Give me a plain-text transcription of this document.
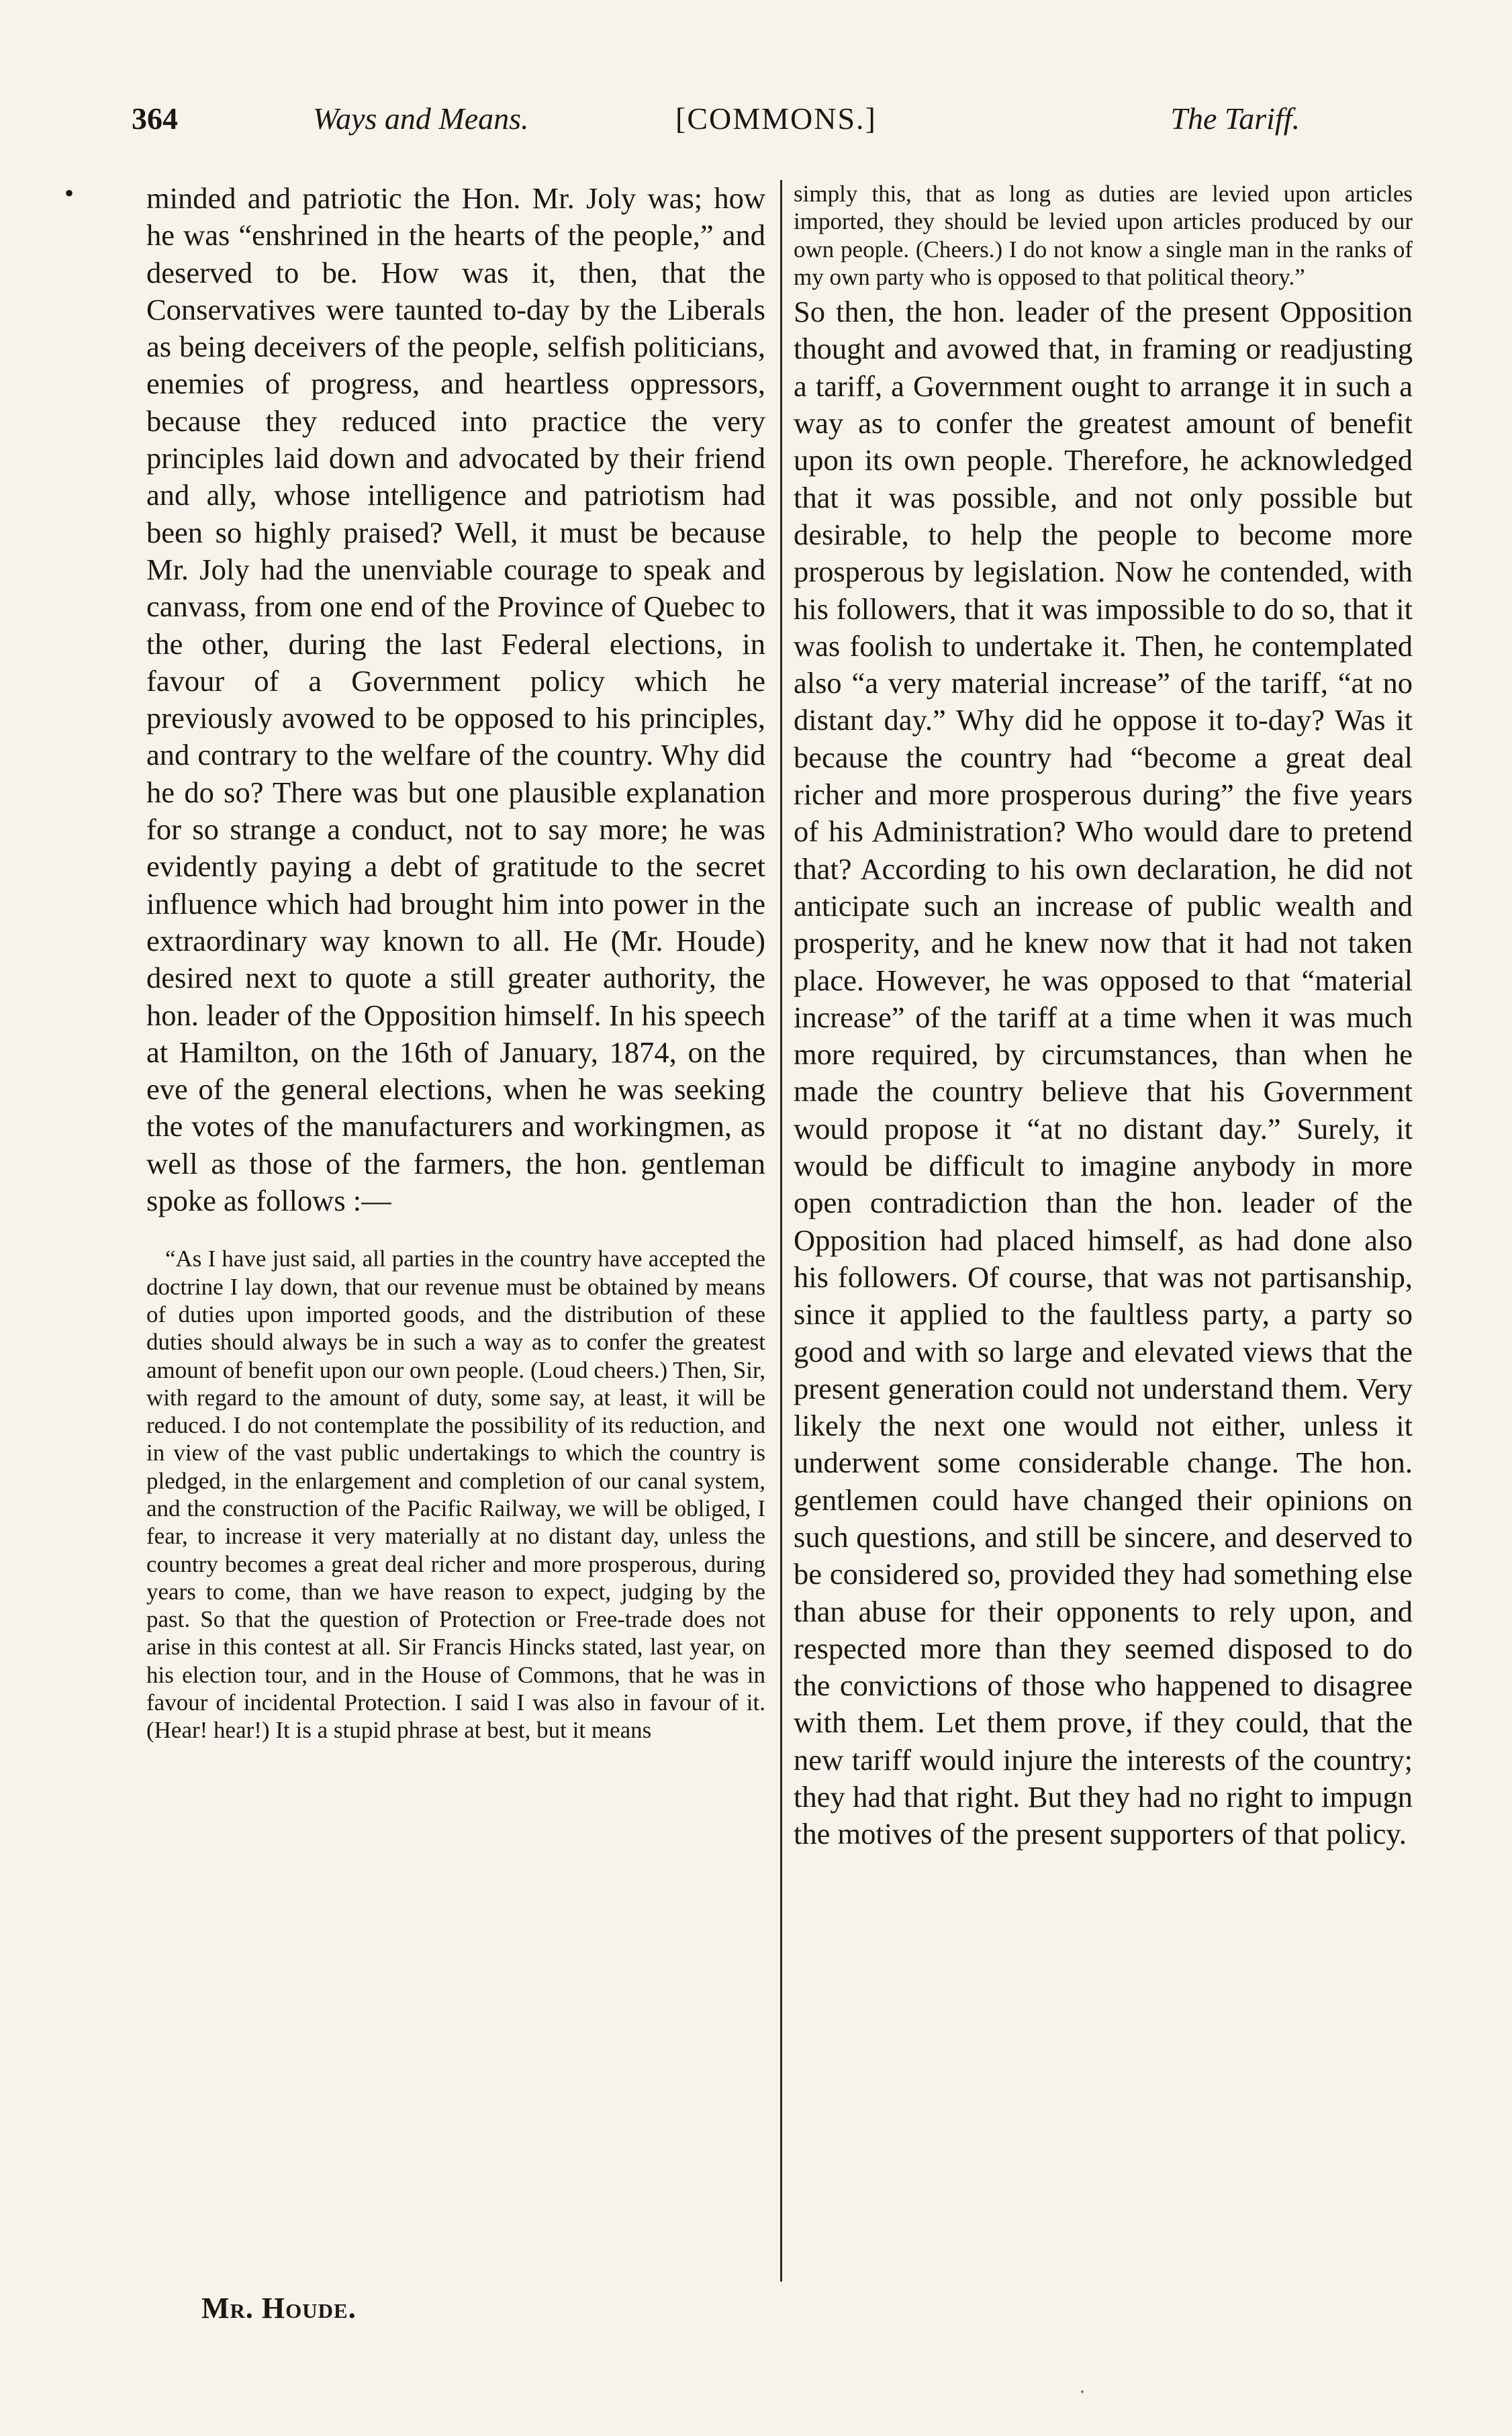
364	Ways and Means.	[COMMONS.]	The Tariff.
• minded and patriotic the Hon. Mr. Joly was; how he was “enshrined in the hearts of the people,” and deserved to be. How was it, then, that the Conservatives were taunted to-day by the Liberals as being deceivers of the people, selfish politicians, enemies of progress, and heartless oppressors, because they reduced into practice the very principles laid down and advocated by their friend and ally, whose intelligence and patriotism had been so highly praised? Well, it must be because Mr. Joly had the unenviable courage to speak and canvass, from one end of the Province of Quebec to the other, during the last Federal elections, in favour of a Government policy which he previously avowed to be opposed to his principles, and contrary to the welfare of the country. Why did he do so? There was but one plausible explanation for so strange a conduct, not to say more; he was evidently paying a debt of gratitude to the secret influence which had brought him into power in the extraordinary way known to all. He (Mr. Houde) desired next to quote a still greater authority, the hon. leader of the Opposition himself. In his speech at Hamilton, on the 16th of January, 1874, on the eve of the general elections, when he was seeking the votes of the manufacturers and workingmen, as well as those of the farmers, the hon. gentleman spoke as follows :—

“As I have just said, all parties in the country have accepted the doctrine I lay down, that our revenue must be obtained by means of duties upon imported goods, and the distribution of these duties should always be in such a way as to confer the greatest amount of benefit upon our own people. (Loud cheers.) Then, Sir, with regard to the amount of duty, some say, at least, it will be reduced. I do not contemplate the possibility of its reduction, and in view of the vast public undertakings to which the country is pledged, in the enlargement and completion of our canal system, and the construction of the Pacific Railway, we will be obliged, I fear, to increase it very materially at no distant day, unless the country becomes a great deal richer and more prosperous, during years to come, than we have reason to expect, judging by the past. So that the question of Protection or Free-trade does not arise in this contest at all. Sir Francis Hincks stated, last year, on his election tour, and in the House of Commons, that he was in favour of incidental Protection. I said I was also in favour of it. (Hear! hear!) It is a stupid phrase at best, but it means

simply this, that as long as duties are levied upon articles imported, they should be levied upon articles produced by our own people. (Cheers.) I do not know a single man in the ranks of my own party who is opposed to that political theory.”

So then, the hon. leader of the present Opposition thought and avowed that, in framing or readjusting a tariff, a Government ought to arrange it in such a way as to confer the greatest amount of benefit upon its own people. Therefore, he acknowledged that it was possible, and not only possible but desirable, to help the people to become more prosperous by legislation. Now he contended, with his followers, that it was impossible to do so, that it was foolish to undertake it. Then, he contemplated also “a very material increase” of the tariff, “at no distant day.” Why did he oppose it to-day? Was it because the country had “become a great deal richer and more prosperous during” the five years of his Administration? Who would dare to pretend that? According to his own declaration, he did not anticipate such an increase of public wealth and prosperity, and he knew now that it had not taken place. However, he was opposed to that “material increase” of the tariff at a time when it was much more required, by circumstances, than when he made the country believe that his Government would propose it “at no distant day.” Surely, it would be difficult to imagine anybody in more open contradiction than the hon. leader of the Opposition had placed himself, as had done also his followers. Of course, that was not partisanship, since it applied to the faultless party, a party so good and with so large and elevated views that the present generation could not understand them. Very likely the next one would not either, unless it underwent some considerable change. The hon. gentlemen could have changed their opinions on such questions, and still be sincere, and deserved to be considered so, provided they had something else than abuse for their opponents to rely upon, and respected more than they seemed disposed to do the convictions of those who happened to disagree with them. Let them prove, if they could, that the new tariff would injure the interests of the country; they had that right. But they had no right to impugn the motives of the present supporters of that policy.

Mr. Houde.
